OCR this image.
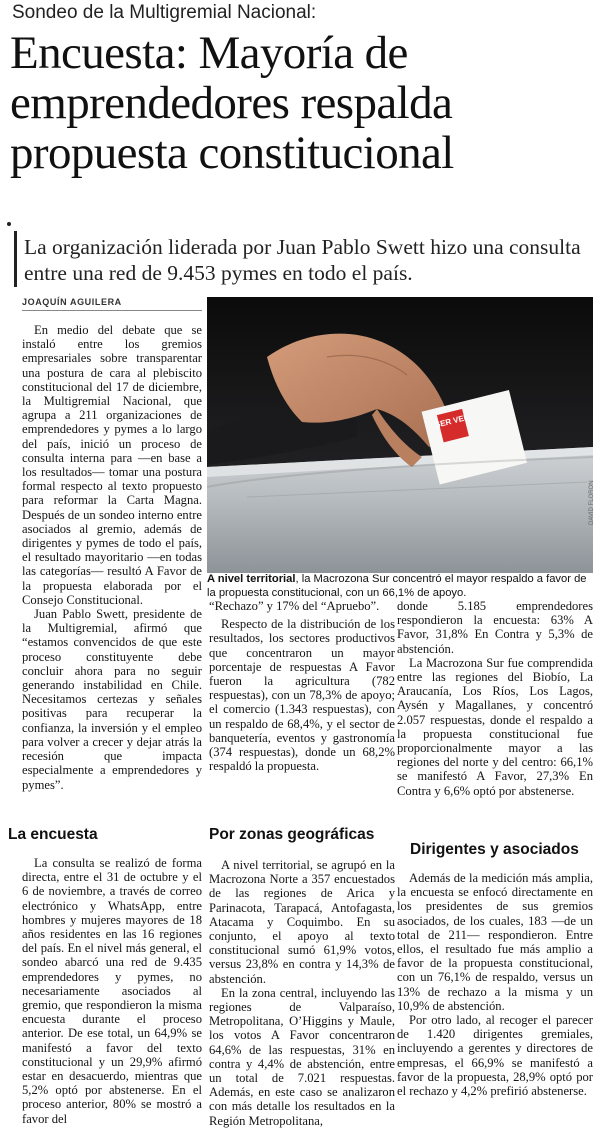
Sondeo de la Multigremial Nacional:
Encuesta: Mayoría de emprendedores respalda propuesta constitucional
La organización liderada por Juan Pablo Swett hizo una consulta entre una red de 9.453 pymes en todo el país.
JOAQUÍN AGUILERA
SER VEL
DAVID FLORON
A nivel territorial, la Macrozona Sur concentró el mayor respaldo a favor de la propuesta constitucional, con un 66,1% de apoyo.

En medio del debate que se instaló entre los gremios empresariales sobre transparentar una postura de cara al plebiscito constitucional del 17 de diciembre, la Multigremial Nacional, que agrupa a 211 organizaciones de emprendedores y pymes a lo largo del país, inició un proceso de consulta interna para —en base a los resultados— tomar una postura formal respecto al texto propuesto para reformar la Carta Magna. Después de un sondeo interno entre asociados al gremio, además de dirigentes y pymes de todo el país, el resultado mayoritario —en todas las categorías— resultó A Favor de la propuesta elaborada por el Consejo Constitucional.

Juan Pablo Swett, presidente de la Multigremial, afirmó que “estamos convencidos de que este proceso constituyente debe concluir ahora para no seguir generando instabilidad en Chile. Necesitamos certezas y señales positivas para recuperar la confianza, la inversión y el empleo para volver a crecer y dejar atrás la recesión que impacta especialmente a emprendedores y pymes”.

La encuesta

La consulta se realizó de forma directa, entre el 31 de octubre y el 6 de noviembre, a través de correo electrónico y WhatsApp, entre hombres y mujeres mayores de 18 años residentes en las 16 regiones del país. En el nivel más general, el sondeo abarcó una red de 9.435 emprendedores y pymes, no necesariamente asociados al gremio, que respondieron la misma encuesta durante el proceso anterior. De ese total, un 64,9% se manifestó a favor del texto constitucional y un 29,9% afirmó estar en desacuerdo, mientras que 5,2% optó por abstenerse. En el proceso anterior, 80% se mostró a favor del

“Rechazo” y 17% del “Apruebo”.

Respecto de la distribución de los resultados, los sectores productivos que concentraron un mayor porcentaje de respuestas A Favor fueron la agricultura (782 respuestas), con un 78,3% de apoyo; el comercio (1.343 respuestas), con un respaldo de 68,4%, y el sector de banquetería, eventos y gastronomía (374 respuestas), donde un 68,2% respaldó la propuesta.

Por zonas geográficas

A nivel territorial, se agrupó en la Macrozona Norte a 357 encuestados de las regiones de Arica y Parinacota, Tarapacá, Antofagasta, Atacama y Coquimbo. En su conjunto, el apoyo al texto constitucional sumó 61,9% votos, versus 23,8% en contra y 14,3% de abstención.

En la zona central, incluyendo las regiones de Valparaíso, Metropolitana, O’Higgins y Maule, los votos A Favor concentraron 64,6% de las respuestas, 31% en contra y 4,4% de abstención, entre un total de 7.021 respuestas. Además, en este caso se analizaron con más detalle los resultados en la Región Metropolitana,

donde 5.185 emprendedores respondieron la encuesta: 63% A Favor, 31,8% En Contra y 5,3% de abstención.

La Macrozona Sur fue comprendida entre las regiones del Biobío, La Araucanía, Los Ríos, Los Lagos, Aysén y Magallanes, y concentró 2.057 respuestas, donde el respaldo a la propuesta constitucional fue proporcionalmente mayor a las regiones del norte y del centro: 66,1% se manifestó A Favor, 27,3% En Contra y 6,6% optó por abstenerse.

Dirigentes y asociados

Además de la medición más amplia, la encuesta se enfocó directamente en los presidentes de sus gremios asociados, de los cuales, 183 —de un total de 211— respondieron. Entre ellos, el resultado fue más amplio a favor de la propuesta constitucional, con un 76,1% de respaldo, versus un 13% de rechazo a la misma y un 10,9% de abstención.

Por otro lado, al recoger el parecer de 1.420 dirigentes gremiales, incluyendo a gerentes y directores de empresas, el 66,9% se manifestó a favor de la propuesta, 28,9% optó por el rechazo y 4,2% prefirió abstenerse.
